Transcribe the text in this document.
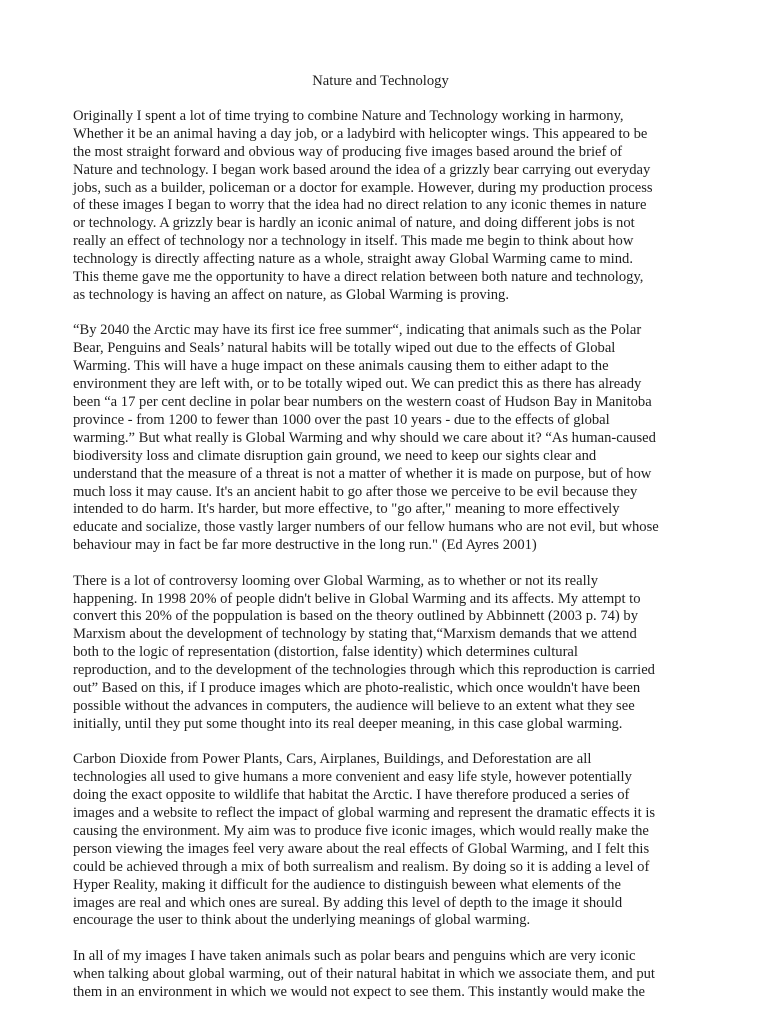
Nature and Technology
Originally I spent a lot of time trying to combine Nature and Technology working in harmony,
Whether it be an animal having a day job, or a ladybird with helicopter wings. This appeared to be
the most straight forward and obvious way of producing five images based around the brief of
Nature and technology. I began work based around the idea of a grizzly bear carrying out everyday
jobs, such as a builder, policeman or a doctor for example. However, during my production process
of these images I began to worry that the idea had no direct relation to any iconic themes in nature
or technology. A grizzly bear is hardly an iconic animal of nature, and doing different jobs is not
really an effect of technology nor a technology in itself. This made me begin to think about how
technology is directly affecting nature as a whole, straight away Global Warming came to mind.
This theme gave me the opportunity to have a direct relation between both nature and technology,
as technology is having an affect on nature, as Global Warming is proving.
“By 2040 the Arctic may have its first ice free summer“, indicating that animals such as the Polar
Bear, Penguins and Seals’ natural habits will be totally wiped out due to the effects of Global
Warming. This will have a huge impact on these animals causing them to either adapt to the
environment they are left with, or to be totally wiped out. We can predict this as there has already
been “a 17 per cent decline in polar bear numbers on the western coast of Hudson Bay in Manitoba
province - from 1200 to fewer than 1000 over the past 10 years - due to the effects of global
warming.” But what really is Global Warming and why should we care about it? “As human-caused
biodiversity loss and climate disruption gain ground, we need to keep our sights clear and
understand that the measure of a threat is not a matter of whether it is made on purpose, but of how
much loss it may cause. It's an ancient habit to go after those we perceive to be evil because they
intended to do harm. It's harder, but more effective, to "go after," meaning to more effectively
educate and socialize, those vastly larger numbers of our fellow humans who are not evil, but whose
behaviour may in fact be far more destructive in the long run." (Ed Ayres 2001)
There is a lot of controversy looming over Global Warming, as to whether or not its really
happening. In 1998 20% of people didn't belive in Global Warming and its affects. My attempt to
convert this 20% of the poppulation is based on the theory outlined by Abbinnett (2003 p. 74) by
Marxism about the development of technology by stating that,“Marxism demands that we attend
both to the logic of representation (distortion, false identity) which determines cultural
reproduction, and to the development of the technologies through which this reproduction is carried
out” Based on this, if I produce images which are photo-realistic, which once wouldn't have been
possible without the advances in computers, the audience will believe to an extent what they see
initially, until they put some thought into its real deeper meaning, in this case global warming.
Carbon Dioxide from Power Plants, Cars, Airplanes, Buildings, and Deforestation are all
technologies all used to give humans a more convenient and easy life style, however potentially
doing the exact opposite to wildlife that habitat the Arctic. I have therefore produced a series of
images and a website to reflect the impact of global warming and represent the dramatic effects it is
causing the environment. My aim was to produce five iconic images, which would really make the
person viewing the images feel very aware about the real effects of Global Warming, and I felt this
could be achieved through a mix of both surrealism and realism. By doing so it is adding a level of
Hyper Reality, making it difficult for the audience to distinguish beween what elements of the
images are real and which ones are sureal. By adding this level of depth to the image it should
encourage the user to think about the underlying meanings of global warming.
In all of my images I have taken animals such as polar bears and penguins which are very iconic
when talking about global warming, out of their natural habitat in which we associate them, and put
them in an environment in which we would not expect to see them. This instantly would make the
